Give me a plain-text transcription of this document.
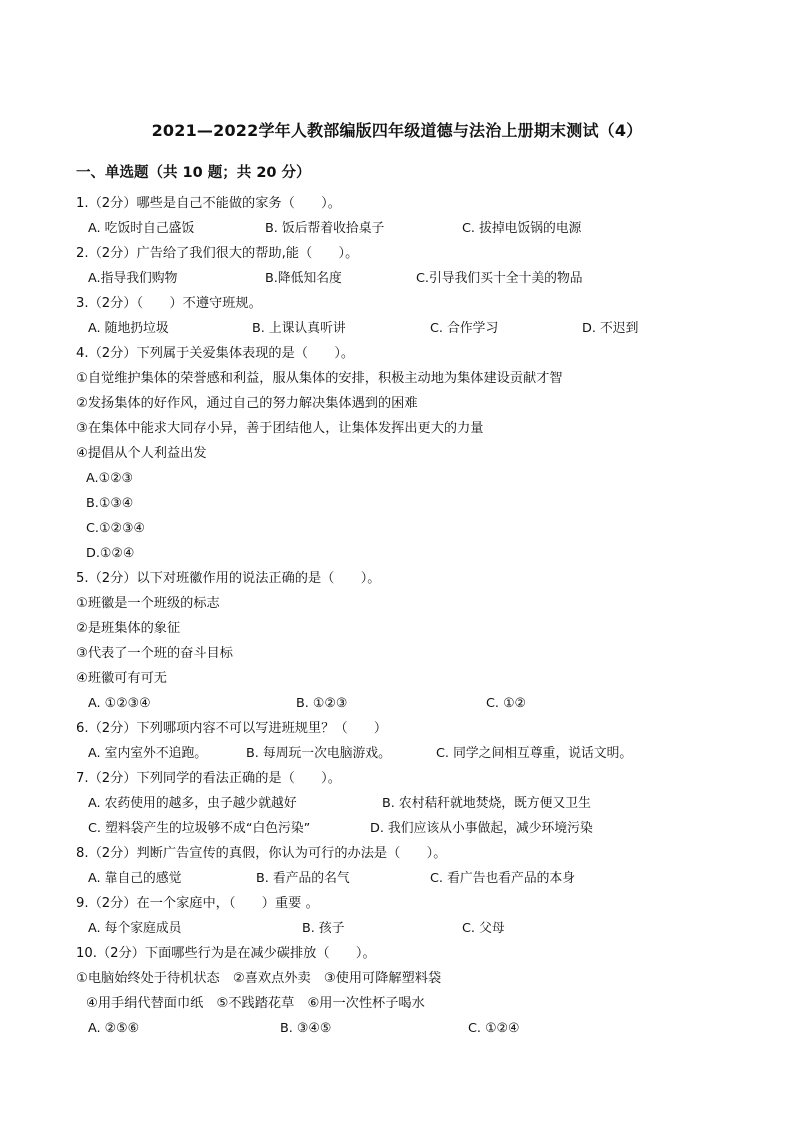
2021—2022学年人教部编版四年级道德与法治上册期末测试（4）
一、单选题（共 10 题；共 20 分）
1.（2分）哪些是自己不能做的家务（　　）。
A. 吃饭时自己盛饭	B. 饭后帮着收拾桌子	C. 拔掉电饭锅的电源
2.（2分）广告给了我们很大的帮助,能（　　）。
A.指导我们购物	B.降低知名度	C.引导我们买十全十美的物品
3.（2分）（　　）不遵守班规。
A. 随地扔垃圾	B. 上课认真听讲	C. 合作学习	D. 不迟到
4.（2分）下列属于关爱集体表现的是（　　）。
①自觉维护集体的荣誉感和利益，服从集体的安排，积极主动地为集体建设贡献才智
②发扬集体的好作风，通过自己的努力解决集体遇到的困难
③在集体中能求大同存小异，善于团结他人，让集体发挥出更大的力量
④提倡从个人利益出发
A.①②③
B.①③④
C.①②③④
D.①②④
5.（2分）以下对班徽作用的说法正确的是（　　）。
①班徽是一个班级的标志
②是班集体的象征
③代表了一个班的奋斗目标
④班徽可有可无
A. ①②③④	B. ①②③	C. ①②
6.（2分）下列哪项内容不可以写进班规里？（　　）
A. 室内室外不追跑。	B. 每周玩一次电脑游戏。	C. 同学之间相互尊重，说话文明。
7.（2分）下列同学的看法正确的是（　　）。
A. 农药使用的越多，虫子越少就越好	B. 农村秸秆就地焚烧，既方便又卫生
C. 塑料袋产生的垃圾够不成“白色污染”	D. 我们应该从小事做起，减少环境污染
8.（2分）判断广告宣传的真假，你认为可行的办法是（　　）。
A. 靠自己的感觉	B. 看产品的名气	C. 看广告也看产品的本身
9.（2分）在一个家庭中，（　　）重要 。
A. 每个家庭成员	B. 孩子	C. 父母
10.（2分）下面哪些行为是在减少碳排放（　　）。
①电脑始终处于待机状态　②喜欢点外卖　③使用可降解塑料袋
④用手绢代替面巾纸　⑤不践踏花草　⑥用一次性杯子喝水
A. ②⑤⑥	B. ③④⑤	C. ①②④
